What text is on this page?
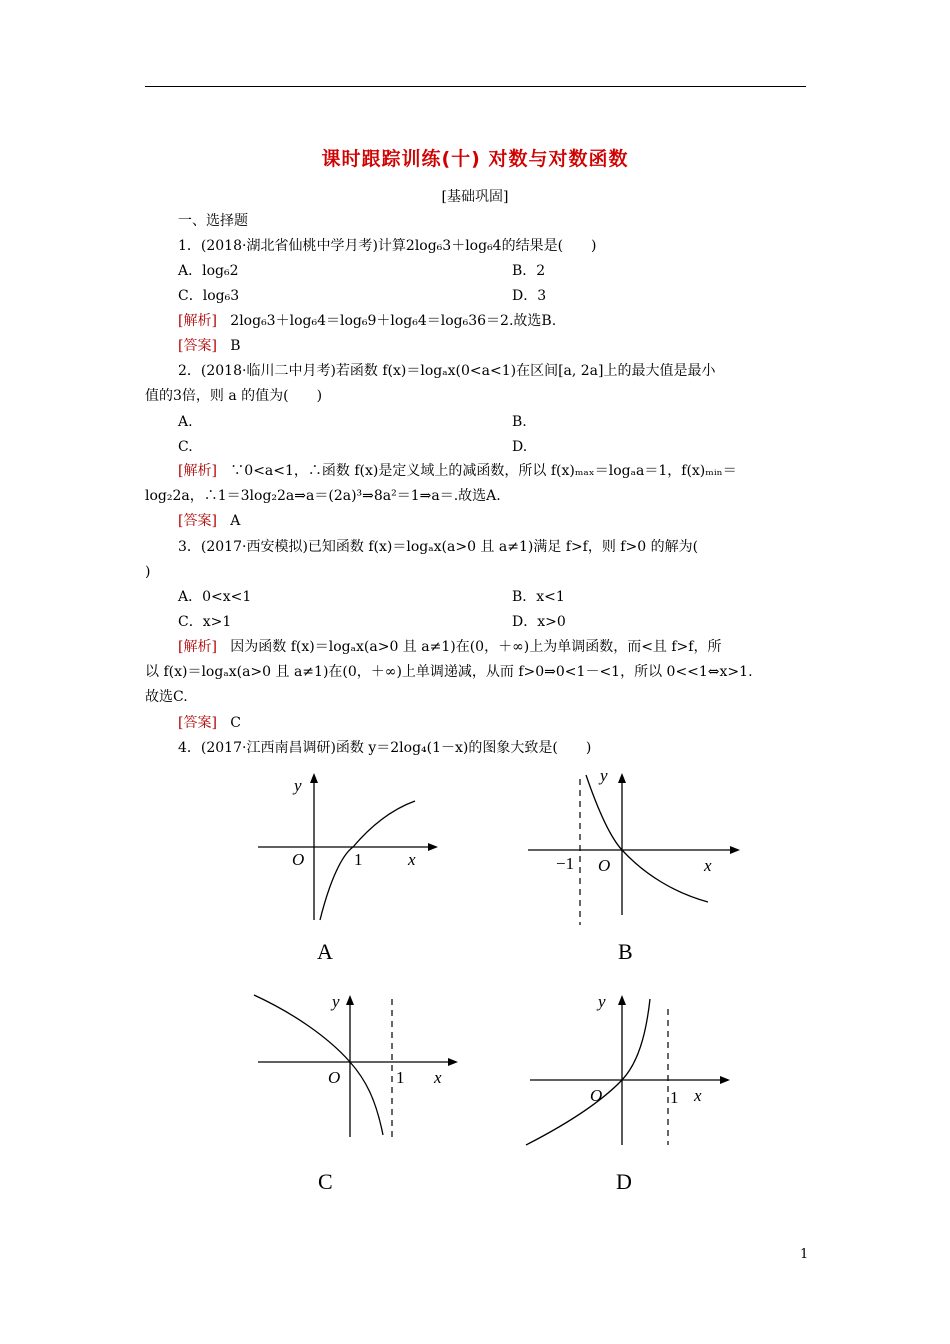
课时跟踪训练(十) 对数与对数函数
[基础巩固]
一、选择题
1．(2018·湖北省仙桃中学月考)计算2log₆3＋log₆4的结果是(　　)
A．log₆2	B．2
C．log₆3	D．3
[解析] 2log₆3＋log₆4＝log₆9＋log₆4＝log₆36＝2.故选B.
[答案] B
2．(2018·临川二中月考)若函数 f(x)＝logₐx(0<a<1)在区间[a, 2a]上的最大值是最小
值的3倍，则 a 的值为(　　)
A.	B.
C.	D.
[解析] ∵0<a<1，∴函数 f(x)是定义域上的减函数，所以 f(x)ₘₐₓ＝logₐa＝1，f(x)ₘᵢₙ＝
log₂2a，∴1＝3log₂2a⇒a＝(2a)³⇒8a²＝1⇒a＝.故选A.
[答案] A
3．(2017·西安模拟)已知函数 f(x)＝logₐx(a>0 且 a≠1)满足 f>f，则 f>0 的解为(
)
A．0<x<1	B．x<1
C．x>1	D．x>0
[解析] 因为函数 f(x)＝logₐx(a>0 且 a≠1)在(0，＋∞)上为单调函数，而<且 f>f，所
以 f(x)＝logₐx(a>0 且 a≠1)在(0，＋∞)上单调递减，从而 f>0⇒0<1－<1，所以 0<<1⇔x>1.
故选C.
[答案] C
4．(2017·江西南昌调研)函数 y＝2log₄(1－x)的图象大致是(　　)
y
O	1	x
A
y
O
−1	x
B
y
O	1 x
C
y
O	1 x
D
1
